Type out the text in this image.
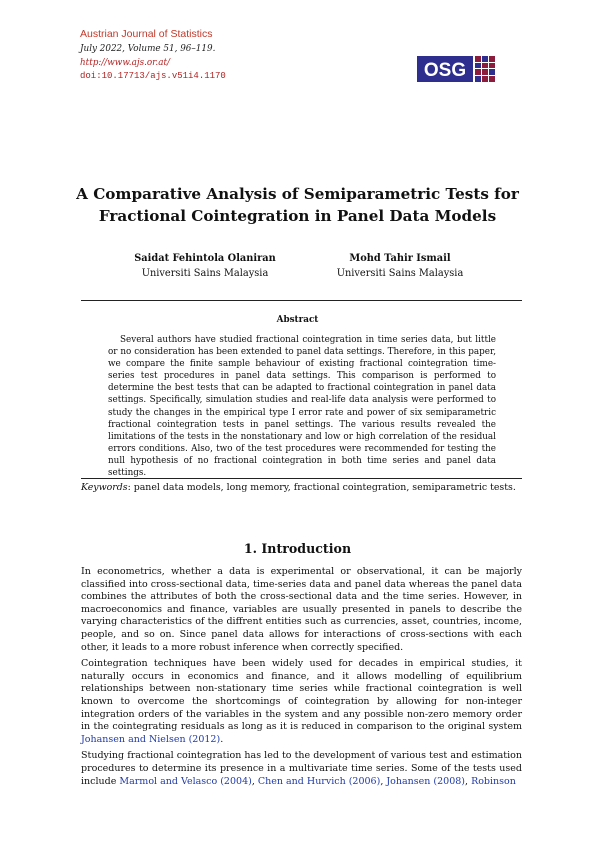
Austrian Journal of Statistics
July 2022, Volume 51, 96–119.
http://www.ajs.or.at/
doi:10.17713/ajs.v51i4.1170	OSG
A Comparative Analysis of Semiparametric Tests for Fractional Cointegration in Panel Data Models
Saidat Fehintola Olaniran
Universiti Sains Malaysia
Mohd Tahir Ismail
Universiti Sains Malaysia
Abstract
Several authors have studied fractional cointegration in time series data, but little or no consideration has been extended to panel data settings. Therefore, in this paper, we compare the finite sample behaviour of existing fractional cointegration time-series test procedures in panel data settings. This comparison is performed to determine the best tests that can be adapted to fractional cointegration in panel data settings. Specifically, simulation studies and real-life data analysis were performed to study the changes in the empirical type I error rate and power of six semiparametric fractional cointegration tests in panel settings. The various results revealed the limitations of the tests in the nonstationary and low or high correlation of the residual errors conditions. Also, two of the test procedures were recommended for testing the null hypothesis of no fractional cointegration in both time series and panel data settings.
Keywords: panel data models, long memory, fractional cointegration, semiparametric tests.
1. Introduction

In econometrics, whether a data is experimental or observational, it can be majorly classified into cross-sectional data, time-series data and panel data whereas the panel data combines the attributes of both the cross-sectional data and the time series. However, in macroeconomics and finance, variables are usually presented in panels to describe the varying characteristics of the diffrent entities such as currencies, asset, countries, income, people, and so on. Since panel data allows for interactions of cross-sections with each other, it leads to a more robust inference when correctly specified.

Cointegration techniques have been widely used for decades in empirical studies, it naturally occurs in economics and finance, and it allows modelling of equilibrium relationships between non-stationary time series while fractional cointegration is well known to overcome the shortcomings of cointegration by allowing for non-integer integration orders of the variables in the system and any possible non-zero memory order in the cointegrating residuals as long as it is reduced in comparison to the original system Johansen and Nielsen (2012).

Studying fractional cointegration has led to the development of various test and estimation procedures to determine its presence in a multivariate time series. Some of the tests used include Marmol and Velasco (2004), Chen and Hurvich (2006), Johansen (2008), Robinson
